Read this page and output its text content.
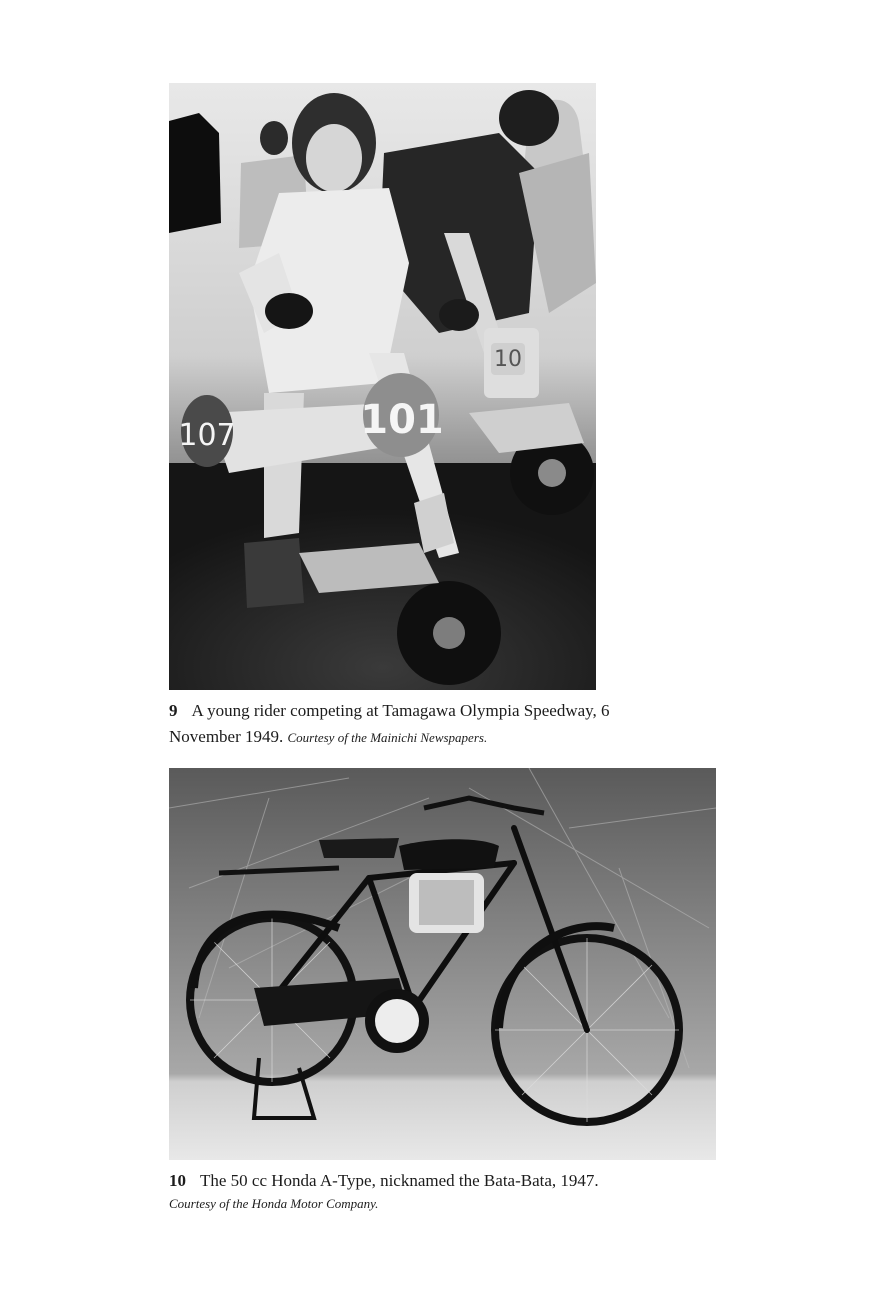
107	101
10
9 A young rider competing at Tamagawa Olympia Speedway, 6 November 1949. Courtesy of the Mainichi Newspapers.
10 The 50 cc Honda A-Type, nicknamed the Bata-Bata, 1947.
Courtesy of the Honda Motor Company.
